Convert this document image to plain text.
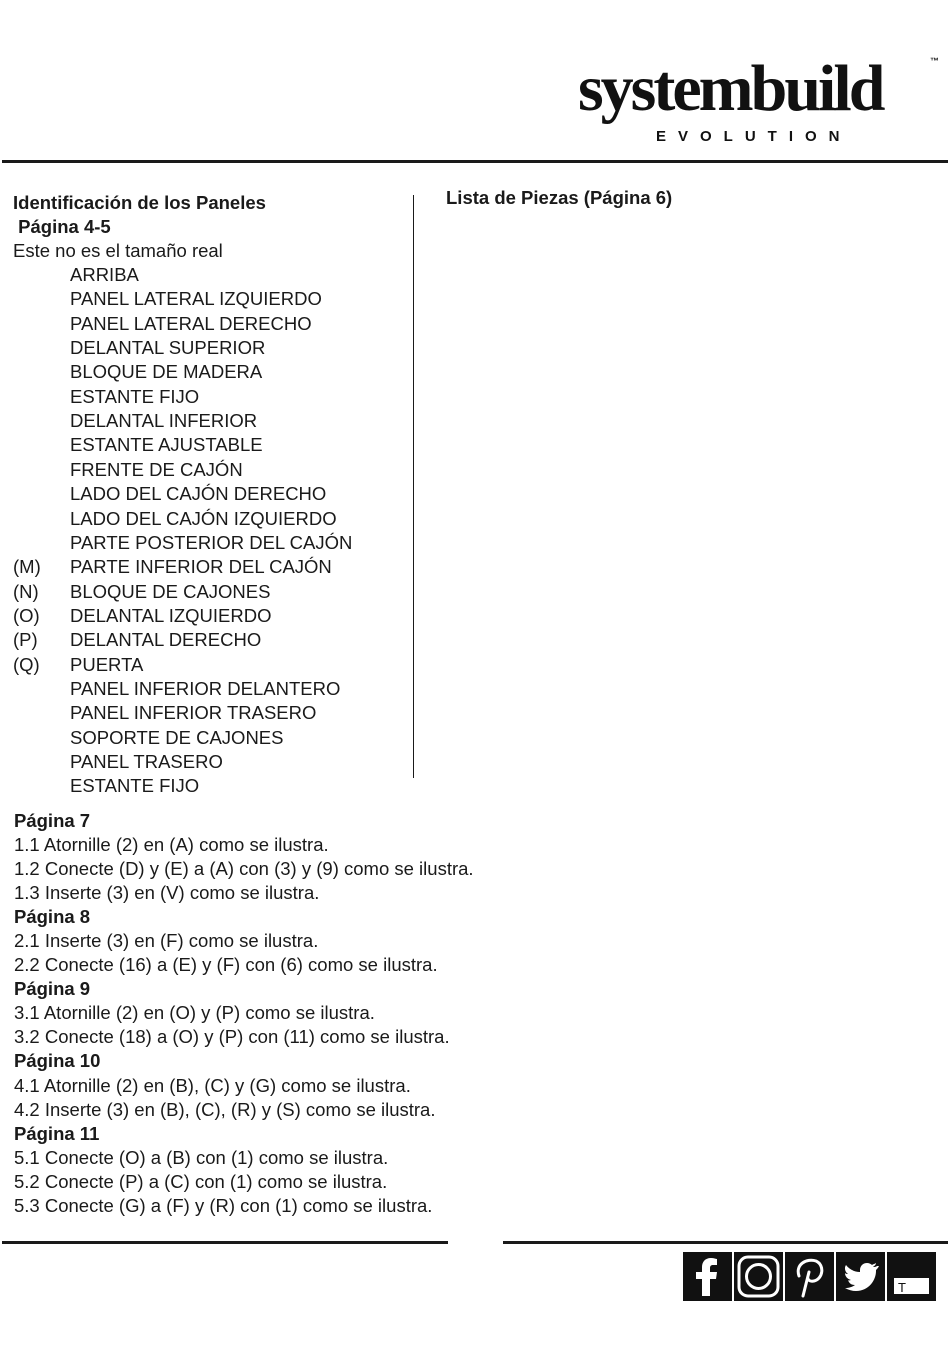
systembuild	™
EVOLUTION
Identificación de los Paneles
Página 4-5
Este no es el tamaño real
ARRIBA
PANEL LATERAL IZQUIERDO
PANEL LATERAL DERECHO
DELANTAL SUPERIOR
BLOQUE DE MADERA
ESTANTE FIJO
DELANTAL INFERIOR
ESTANTE AJUSTABLE
FRENTE DE CAJÓN
LADO DEL CAJÓN DERECHO
LADO DEL CAJÓN IZQUIERDO
PARTE POSTERIOR DEL CAJÓN
(M) PARTE INFERIOR DEL CAJÓN
(N) BLOQUE DE CAJONES
(O) DELANTAL IZQUIERDO
(P) DELANTAL DERECHO
(Q) PUERTA
PANEL INFERIOR DELANTERO
PANEL INFERIOR TRASERO
SOPORTE DE CAJONES
PANEL TRASERO
ESTANTE FIJO
Lista de Piezas (Página 6)
Página 7
1.1 Atornille (2) en (A) como se ilustra.
1.2 Conecte (D) y (E) a (A) con (3) y (9) como se ilustra.
1.3 Inserte (3) en (V) como se ilustra.
Página 8
2.1 Inserte (3) en (F) como se ilustra.
2.2 Conecte (16) a (E) y (F) con (6) como se ilustra.
Página 9
3.1 Atornille (2) en (O) y (P) como se ilustra.
3.2 Conecte (18) a (O) y (P) con (11) como se ilustra.
Página 10
4.1 Atornille (2) en (B), (C) y (G) como se ilustra.
4.2 Inserte (3) en (B), (C), (R) y (S) como se ilustra.
Página 11
5.1 Conecte (O) a (B) con (1) como se ilustra.
5.2 Conecte (P) a (C) con (1) como se ilustra.
5.3 Conecte (G) a (F) y (R) con (1) como se ilustra.
T
